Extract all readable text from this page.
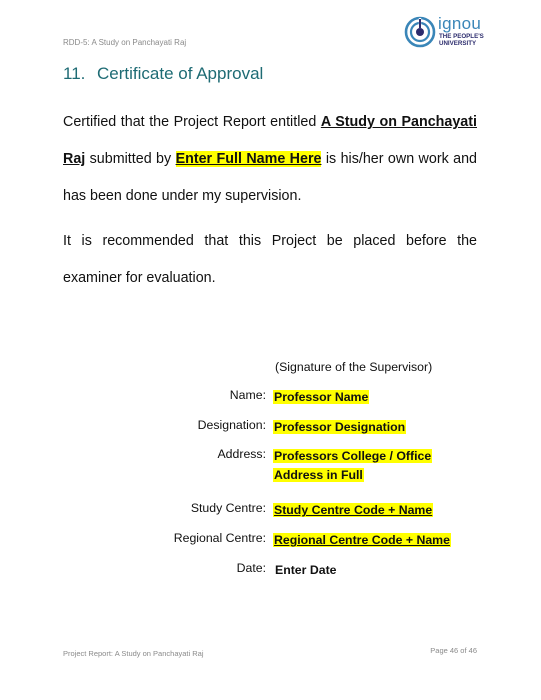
RDD-5: A Study on Panchayati Raj
ignou
THE PEOPLE'S
UNIVERSITY
11. Certificate of Approval
Certified that the Project Report entitled A Study on Panchayati Raj submitted by Enter Full Name Here is his/her own work and has been done under my supervision.
It is recommended that this Project be placed before the examiner for evaluation.
(Signature of the Supervisor)
Name: Professor Name
Designation: Professor Designation
Address: Professors College / Office
Address in Full
Study Centre: Study Centre Code + Name
Regional Centre: Regional Centre Code + Name
Date: Enter Date
Project Report: A Study on Panchayati Raj	Page 46 of 46
